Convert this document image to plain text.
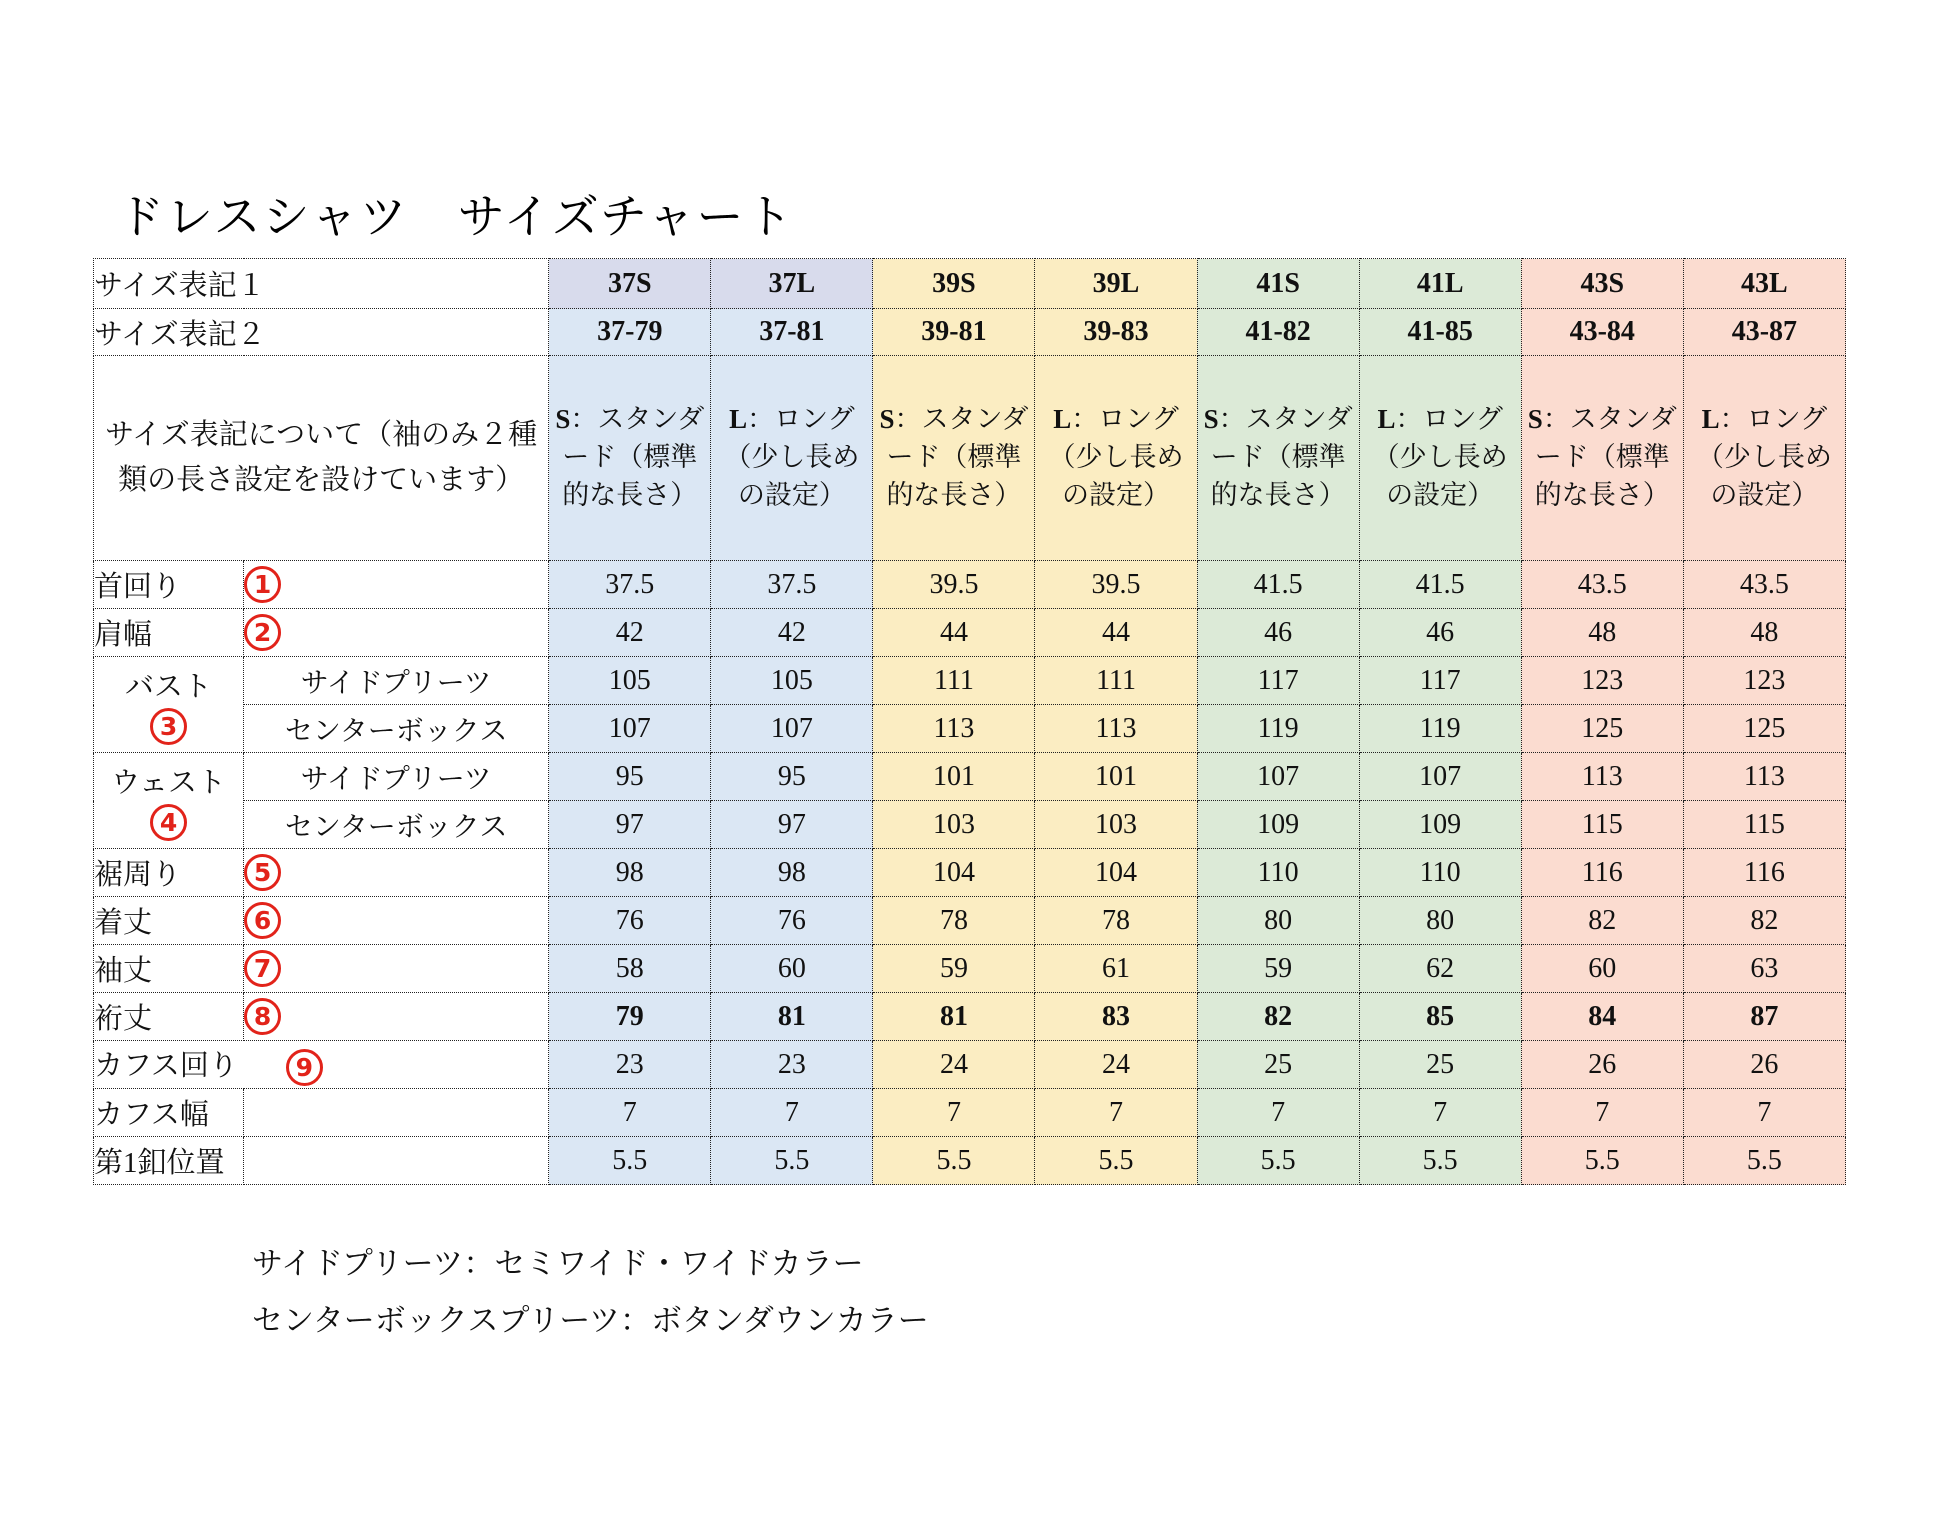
ドレスシャツ　サイズチャート
サイズ表記１		37S	37L	39S	39L	41S	41L	43S	43L
サイズ表記２		37-79	37-81	39-81	39-83	41-82	41-85	43-84	43-87
サイズ表記について（袖のみ２種類の長さ設定を設けています）		S：スタンダード（標準的な長さ）	L：ロング（少し長めの設定）	S：スタンダード（標準的な長さ）	L：ロング（少し長めの設定）	S：スタンダード（標準的な長さ）	L：ロング（少し長めの設定）	S：スタンダード（標準的な長さ）	L：ロング（少し長めの設定）
首回り	1	37.5	37.5	39.5	39.5	41.5	41.5	43.5	43.5
肩幅	2	42	42	44	44	46	46	48	48

バスト
3	サイドプリーツ	105	105	111	111	117	117	123	123
	センターボックス	107	107	113	113	119	119	125	125

ウェスト
4	サイドプリーツ	95	95	101	101	107	107	113	113
	センターボックス	97	97	103	103	109	109	115	115
裾周り	5	98	98	104	104	110	110	116	116
着丈	6	76	76	78	78	80	80	82	82
袖丈	7	58	60	59	61	59	62	60	63
裄丈	8	79	81	81	83	82	85	84	87
カフス回り 9		23	23	24	24	25	25	26	26
カフス幅		7	7	7	7	7	7	7	7
第1釦位置		5.5	5.5	5.5	5.5	5.5	5.5	5.5	5.5

サイドプリーツ：セミワイド・ワイドカラー

センターボックスプリーツ：ボタンダウンカラー
